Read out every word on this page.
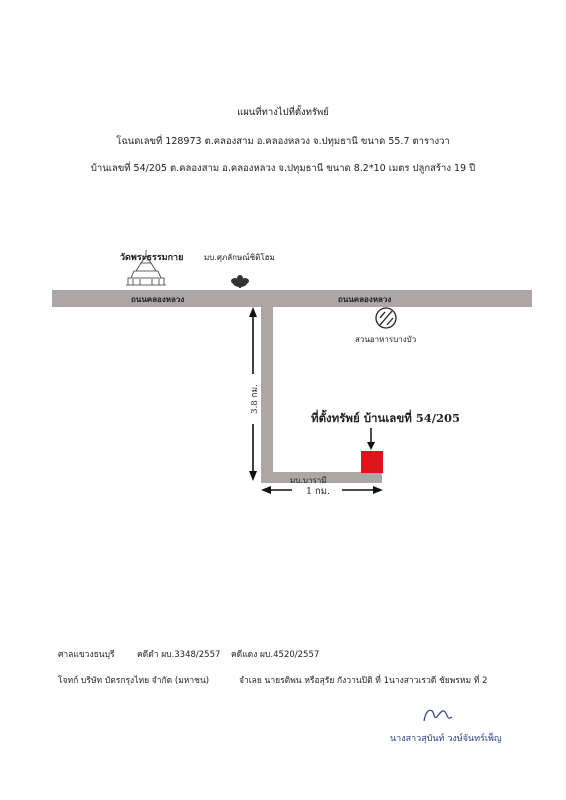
แผนที่ทางไปที่ตั้งทรัพย์
โฉนดเลขที่ 128973 ต.คลองสาม อ.คลองหลวง จ.ปทุมธานี ขนาด 55.7 ตารางวา
บ้านเลขที่ 54/205 ต.คลองสาม อ.คลองหลวง จ.ปทุมธานี ขนาด 8.2*10 เมตร ปลูกสร้าง 19 ปี
วัดพระธรรมกาย	มบ.ศุภลักษณ์ชิติโฮม
ถนนคลองหลวง	ถนนคลองหลวง
สวนอาหารบางบัว
3.8 กม.
ที่ตั้งทรัพย์ บ้านเลขที่ 54/205
มบ.บารามี
1 กม.
ศาลแขวงธนบุรี	คดีดำ ผบ.3348/2557 คดีแดง ผบ.4520/2557
โจทก์ บริษัท บัตรกรุงไทย จำกัด (มหาชน)	จำเลย นายรติพน หรือสุรัย กังวานปิติ ที่ 1นางสาวเรวดี ชัยพรหม ที่ 2
นางสาวสุบันท์ วงษ์จันทร์เพ็ญ
